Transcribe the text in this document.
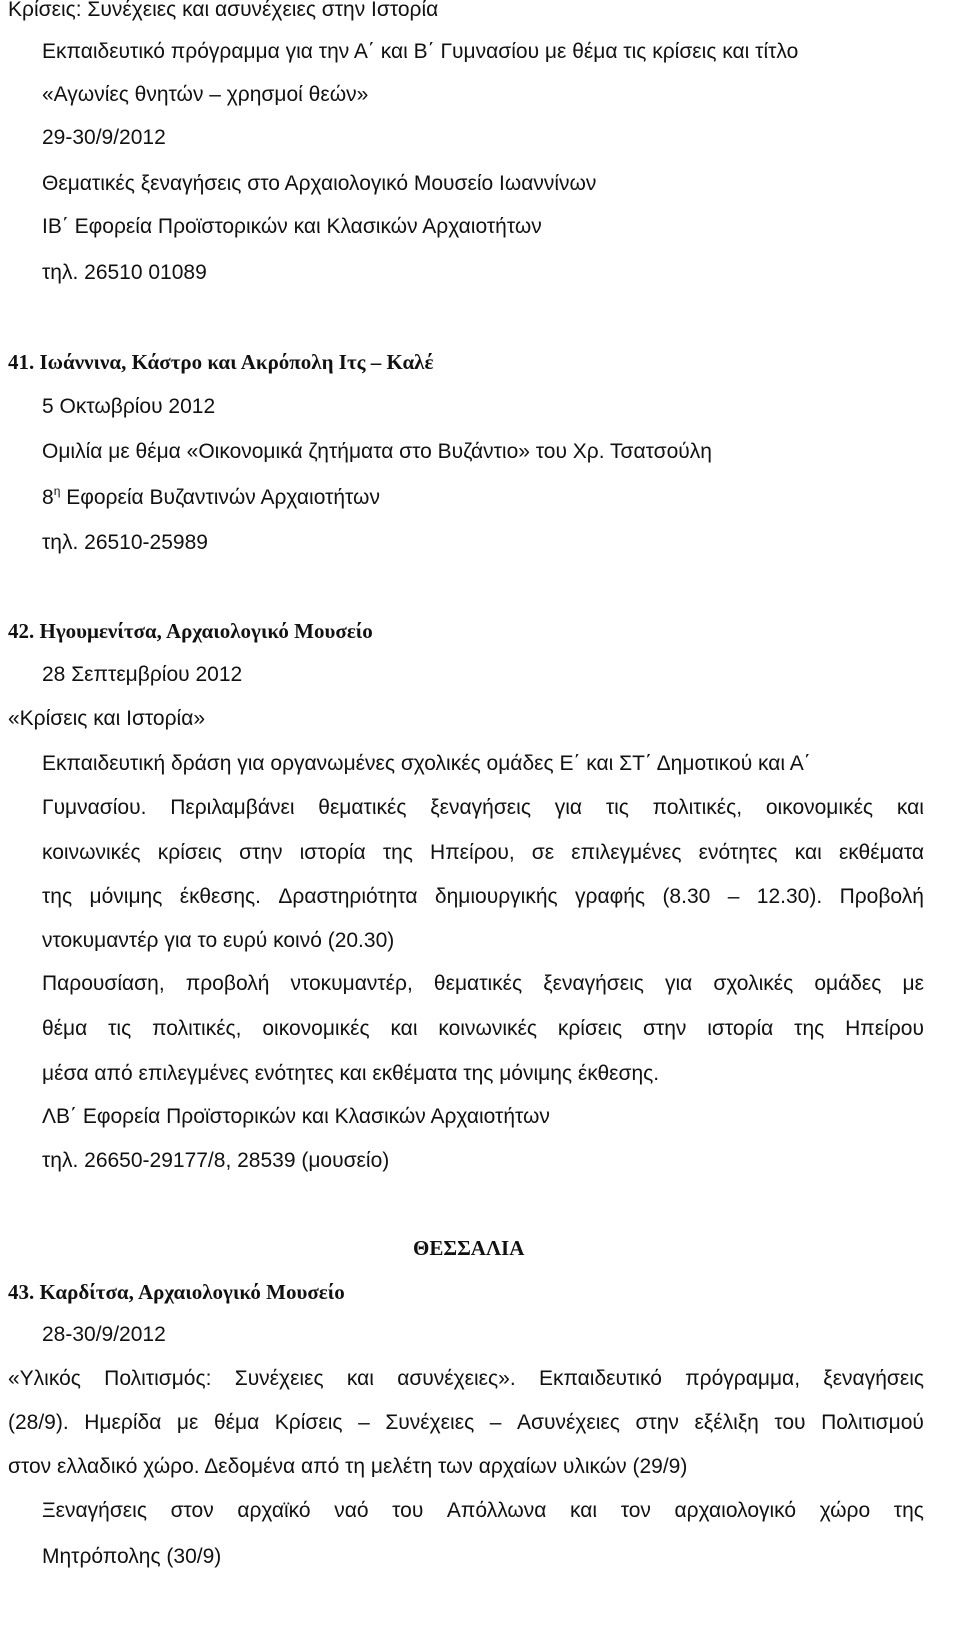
Κρίσεις: Συνέχειες και ασυνέχειες στην Ιστορία
Εκπαιδευτικό πρόγραμμα για την Α΄ και Β΄ Γυμνασίου με θέμα τις κρίσεις και τίτλο
«Αγωνίες θνητών – χρησμοί θεών»
29-30/9/2012
Θεματικές ξεναγήσεις στο Αρχαιολογικό Μουσείο Ιωαννίνων
ΙΒ΄ Εφορεία Προϊστορικών και Κλασικών Αρχαιοτήτων
τηλ. 26510 01089
41. Ιωάννινα, Κάστρο και Ακρόπολη Ιτς – Καλέ
5 Οκτωβρίου 2012
Ομιλία με θέμα «Οικονομικά ζητήματα στο Βυζάντιο» του Χρ. Τσατσούλη
$8^\eta$ Εφορεία Βυζαντινών Αρχαιοτήτων
τηλ. 26510-25989
42. Ηγουμενίτσα, Αρχαιολογικό Μουσείο
28 Σεπτεμβρίου 2012
«Κρίσεις και Ιστορία»
Εκπαιδευτική δράση για οργανωμένες σχολικές ομάδες Ε΄ και ΣΤ΄ Δημοτικού και Α΄
Γυμνασίου. Περιλαμβάνει θεματικές ξεναγήσεις για τις πολιτικές, οικονομικές και
κοινωνικές κρίσεις στην ιστορία της Ηπείρου, σε επιλεγμένες ενότητες και εκθέματα
της μόνιμης έκθεσης. Δραστηριότητα δημιουργικής γραφής (8.30 – 12.30). Προβολή
ντοκυμαντέρ για το ευρύ κοινό (20.30)
Παρουσίαση, προβολή ντοκυμαντέρ, θεματικές ξεναγήσεις για σχολικές ομάδες με
θέμα τις πολιτικές, οικονομικές και κοινωνικές κρίσεις στην ιστορία της Ηπείρου
μέσα από επιλεγμένες ενότητες και εκθέματα της μόνιμης έκθεσης.
ΛΒ΄ Εφορεία Προϊστορικών και Κλασικών Αρχαιοτήτων
τηλ. 26650-29177/8, 28539 (μουσείο)
ΘΕΣΣΑΛΙΑ
43. Καρδίτσα, Αρχαιολογικό Μουσείο
28-30/9/2012
«Υλικός Πολιτισμός: Συνέχειες και ασυνέχειες». Εκπαιδευτικό πρόγραμμα, ξεναγήσεις
(28/9). Ημερίδα με θέμα Κρίσεις – Συνέχειες – Ασυνέχειες στην εξέλιξη του Πολιτισμού
στον ελλαδικό χώρο. Δεδομένα από τη μελέτη των αρχαίων υλικών (29/9)
Ξεναγήσεις στον αρχαϊκό ναό του Απόλλωνα και τον αρχαιολογικό χώρο της
Μητρόπολης (30/9)
